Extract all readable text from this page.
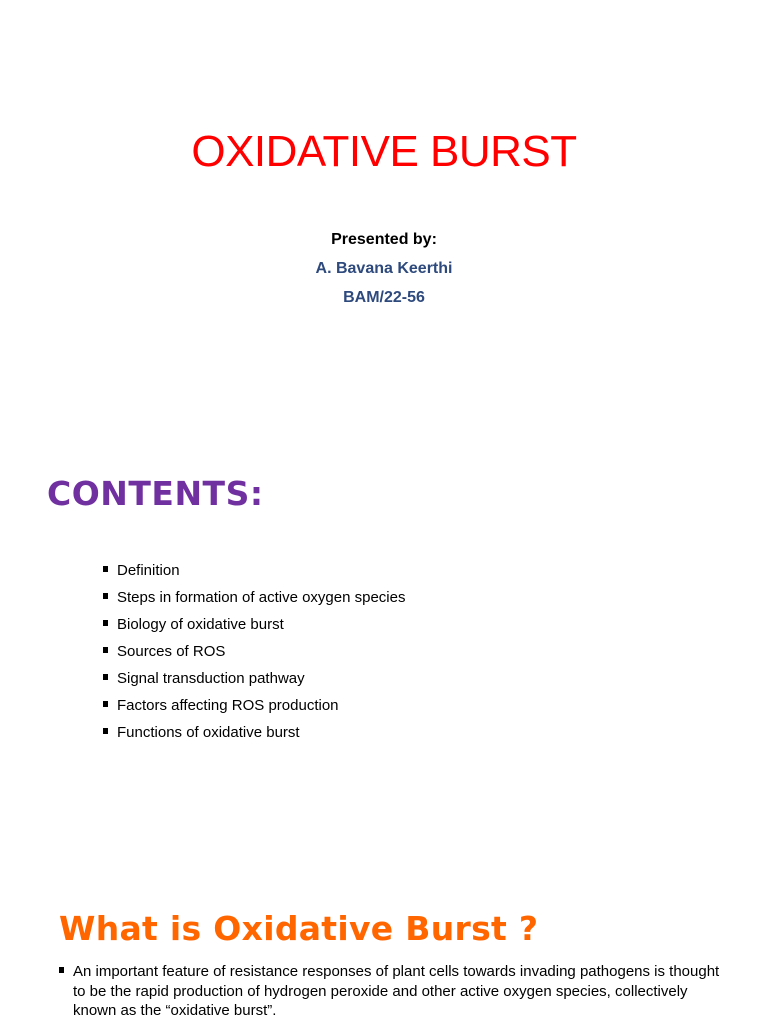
OXIDATIVE BURST
Presented by:
A. Bavana Keerthi
BAM/22-56
CONTENTS:
Definition
Steps in formation of active oxygen species
Biology of oxidative burst
Sources of ROS
Signal transduction pathway
Factors affecting ROS production
Functions of oxidative burst
What is Oxidative Burst ?

An important feature of resistance responses of plant cells towards invading pathogens is thought to be the rapid production of hydrogen peroxide and other active oxygen species, collectively known as the “oxidative burst”.
